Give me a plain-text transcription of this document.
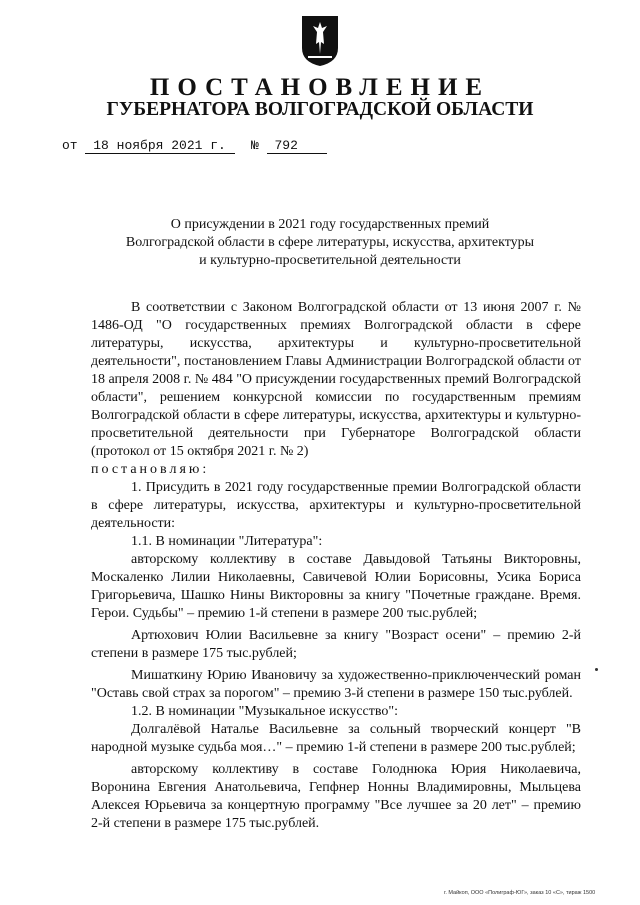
ПОСТАНОВЛЕНИЕ
ГУБЕРНАТОРА ВОЛГОГРАДСКОЙ ОБЛАСТИ
от 18 ноября 2021 г. № 792
О присуждении в 2021 году государственных премий
Волгоградской области в сфере литературы, искусства, архитектуры
и культурно-просветительной деятельности

В соответствии с Законом Волгоградской области от 13 июня 2007 г. № 1486-ОД "О государственных премиях Волгоградской области в сфере литературы, искусства, архитектуры и культурно-просветительной деятельности", постановлением Главы Администрации Волгоградской области от 18 апреля 2008 г. № 484 "О присуждении государственных премий Волгоградской области", решением конкурсной комиссии по государственным премиям Волгоградской области в сфере литературы, искусства, архитектуры и культурно-просветительной деятельности при Губернаторе Волгоградской области (протокол от 15 октября 2021 г. № 2)

постановляю:

1. Присудить в 2021 году государственные премии Волгоградской области в сфере литературы, искусства, архитектуры и культурно-просветительной деятельности:

1.1. В номинации "Литература":

авторскому коллективу в составе Давыдовой Татьяны Викторовны, Москаленко Лилии Николаевны, Савичевой Юлии Борисовны, Усика Бориса Григорьевича, Шашко Нины Викторовны за книгу "Почетные граждане. Время. Герои. Судьбы" – премию 1-й степени в размере 200 тыс.рублей;

Артюхович Юлии Васильевне за книгу "Возраст осени" – премию 2-й степени в размере 175 тыс.рублей;

Мишаткину Юрию Ивановичу за художественно-приключенческий роман "Оставь свой страх за порогом" – премию 3-й степени в размере 150 тыс.рублей.

1.2. В номинации "Музыкальное искусство":

Долгалёвой Наталье Васильевне за сольный творческий концерт "В народной музыке судьба моя…" – премию 1-й степени в размере 200 тыс.рублей;

авторскому коллективу в составе Голоднюка Юрия Николаевича, Воронина Евгения Анатольевича, Гепфнер Нонны Владимировны, Мыльцева Алексея Юрьевича за концертную программу "Все лучшее за 20 лет" – премию 2-й степени в размере 175 тыс.рублей.

г. Майкоп, ООО «Полиграф-ЮГ», заказ 10 «С», тираж 1500
